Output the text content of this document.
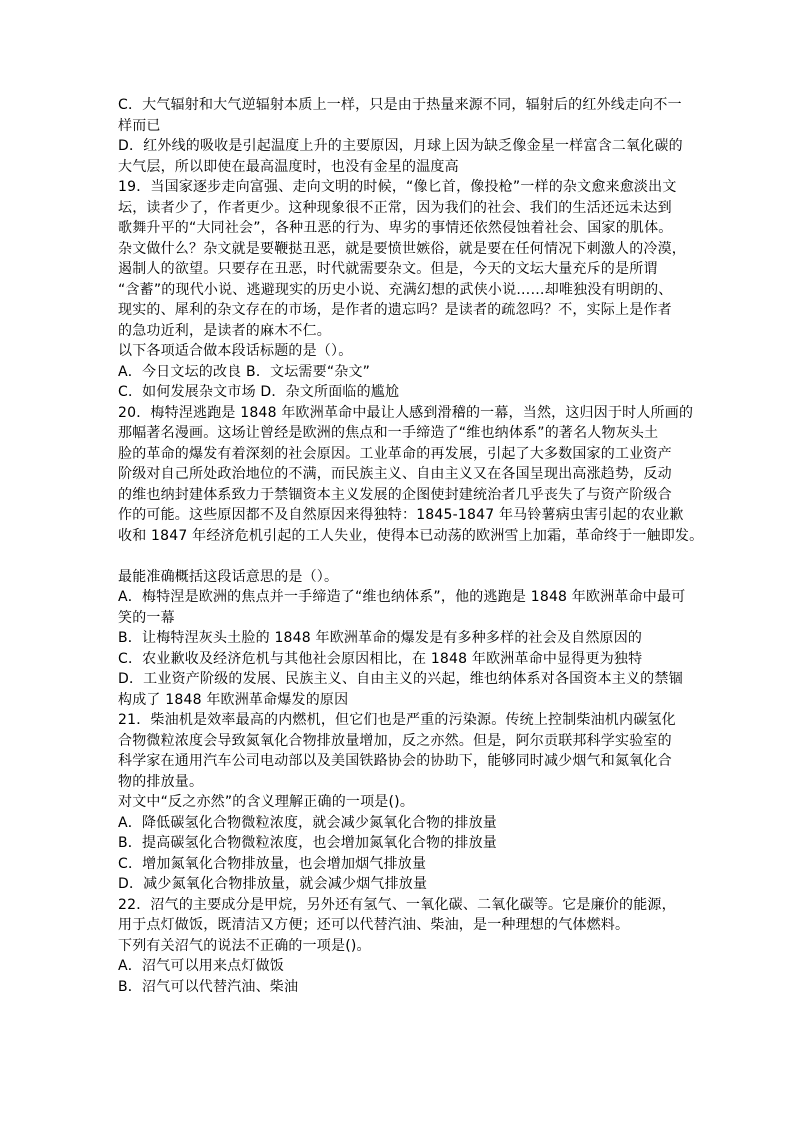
C．大气辐射和大气逆辐射本质上一样，只是由于热量来源不同，辐射后的红外线走向不一
样而已
D．红外线的吸收是引起温度上升的主要原因，月球上因为缺乏像金星一样富含二氧化碳的
大气层，所以即使在最高温度时，也没有金星的温度高
19．当国家逐步走向富强、走向文明的时候，“像匕首，像投枪”一样的杂文愈来愈淡出文
坛，读者少了，作者更少。这种现象很不正常，因为我们的社会、我们的生活还远未达到
歌舞升平的“大同社会”，各种丑恶的行为、卑劣的事情还依然侵蚀着社会、国家的肌体。
杂文做什么？杂文就是要鞭挞丑恶，就是要愤世嫉俗，就是要在任何情况下刺激人的冷漠，
遏制人的欲望。只要存在丑恶，时代就需要杂文。但是，今天的文坛大量充斥的是所谓
“含蓄”的现代小说、逃避现实的历史小说、充满幻想的武侠小说……却唯独没有明朗的、
现实的、犀利的杂文存在的市场，是作者的遗忘吗？是读者的疏忽吗？不，实际上是作者
的急功近利，是读者的麻木不仁。
以下各项适合做本段话标题的是（）。
A．今日文坛的改良 B．文坛需要“杂文”
C．如何发展杂文市场 D．杂文所面临的尴尬
20．梅特涅逃跑是 1848 年欧洲革命中最让人感到滑稽的一幕，当然，这归因于时人所画的
那幅著名漫画。这场让曾经是欧洲的焦点和一手缔造了“维也纳体系”的著名人物灰头土
脸的革命的爆发有着深刻的社会原因。工业革命的再发展，引起了大多数国家的工业资产
阶级对自己所处政治地位的不满，而民族主义、自由主义又在各国呈现出高涨趋势，反动
的维也纳封建体系致力于禁锢资本主义发展的企图使封建统治者几乎丧失了与资产阶级合
作的可能。这些原因都不及自然原因来得独特：1845-1847 年马铃薯病虫害引起的农业歉
收和 1847 年经济危机引起的工人失业，使得本已动荡的欧洲雪上加霜，革命终于一触即发。
最能准确概括这段话意思的是（）。
A．梅特涅是欧洲的焦点并一手缔造了“维也纳体系”，他的逃跑是 1848 年欧洲革命中最可
笑的一幕
B．让梅特涅灰头土脸的 1848 年欧洲革命的爆发是有多种多样的社会及自然原因的
C．农业歉收及经济危机与其他社会原因相比，在 1848 年欧洲革命中显得更为独特
D．工业资产阶级的发展、民族主义、自由主义的兴起，维也纳体系对各国资本主义的禁锢
构成了 1848 年欧洲革命爆发的原因
21．柴油机是效率最高的内燃机，但它们也是严重的污染源。传统上控制柴油机内碳氢化
合物微粒浓度会导致氮氧化合物排放量增加，反之亦然。但是，阿尔贡联邦科学实验室的
科学家在通用汽车公司电动部以及美国铁路协会的协助下，能够同时减少烟气和氮氧化合
物的排放量。
对文中“反之亦然”的含义理解正确的一项是()。
A．降低碳氢化合物微粒浓度，就会减少氮氧化合物的排放量
B．提高碳氢化合物微粒浓度，也会增加氮氧化合物的排放量
C．增加氮氧化合物排放量，也会增加烟气排放量
D．减少氮氧化合物排放量，就会减少烟气排放量
22．沼气的主要成分是甲烷，另外还有氢气、一氧化碳、二氧化碳等。它是廉价的能源，
用于点灯做饭，既清洁又方便；还可以代替汽油、柴油，是一种理想的气体燃料。
下列有关沼气的说法不正确的一项是()。
A．沼气可以用来点灯做饭
B．沼气可以代替汽油、柴油
